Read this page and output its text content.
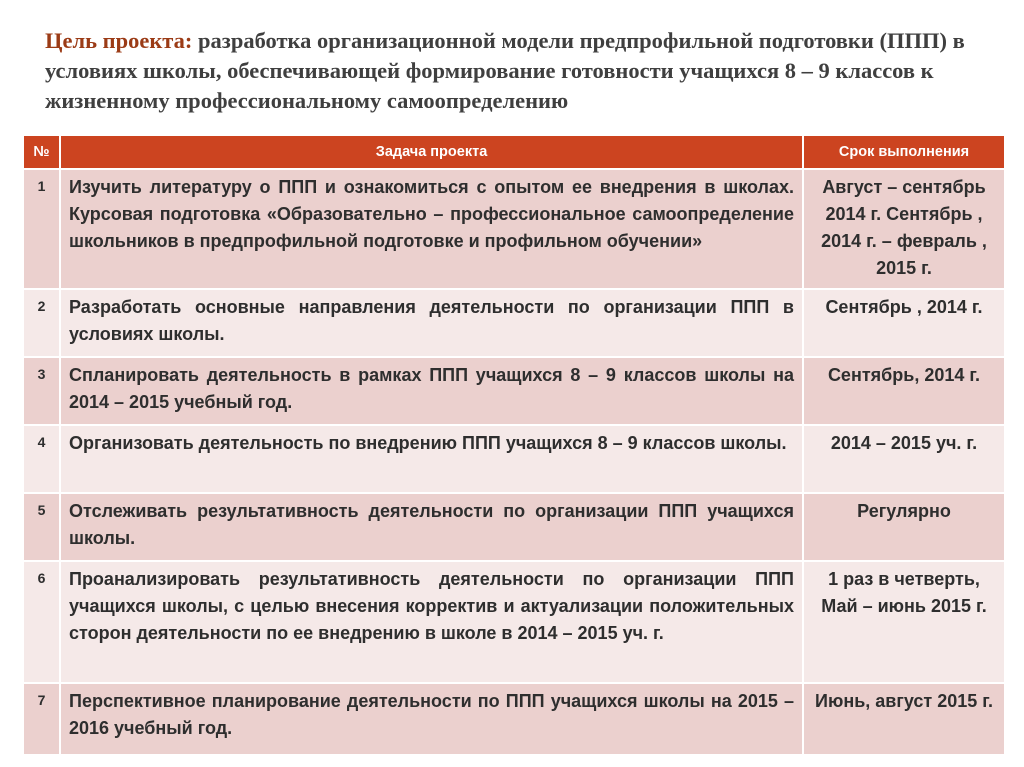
Цель проекта: разработка организационной модели предпрофильной подготовки (ППП) в условиях школы, обеспечивающей формирование готовности учащихся 8 – 9 классов к жизненному профессиональному самоопределению
№	Задача проекта	Срок выполнения
1	Изучить литературу о ППП и ознакомиться с опытом ее внедрения в школах. Курсовая подготовка «Образовательно – профессиональное самоопределение школьников в предпрофильной подготовке и профильном обучении»	Август – сентябрь 2014 г. Сентябрь , 2014 г. – февраль , 2015 г.
2	Разработать основные направления деятельности по организации ППП в условиях школы.	Сентябрь , 2014 г.
3	Спланировать деятельность в рамках ППП учащихся 8 – 9 классов школы на 2014 – 2015 учебный год.	Сентябрь, 2014 г.
4	Организовать деятельность по внедрению ППП учащихся 8 – 9 классов школы.	2014 – 2015 уч. г.
5	Отслеживать результативность деятельности по организации ППП учащихся школы.	Регулярно
6	Проанализировать результативность деятельности по организации ППП учащихся школы, с целью внесения корректив и актуализации положительных сторон деятельности по ее внедрению в школе в 2014 – 2015 уч. г.	1 раз в четверть, Май – июнь 2015 г.
7	Перспективное планирование деятельности по ППП учащихся школы на 2015 – 2016 учебный год.	Июнь, август 2015 г.
